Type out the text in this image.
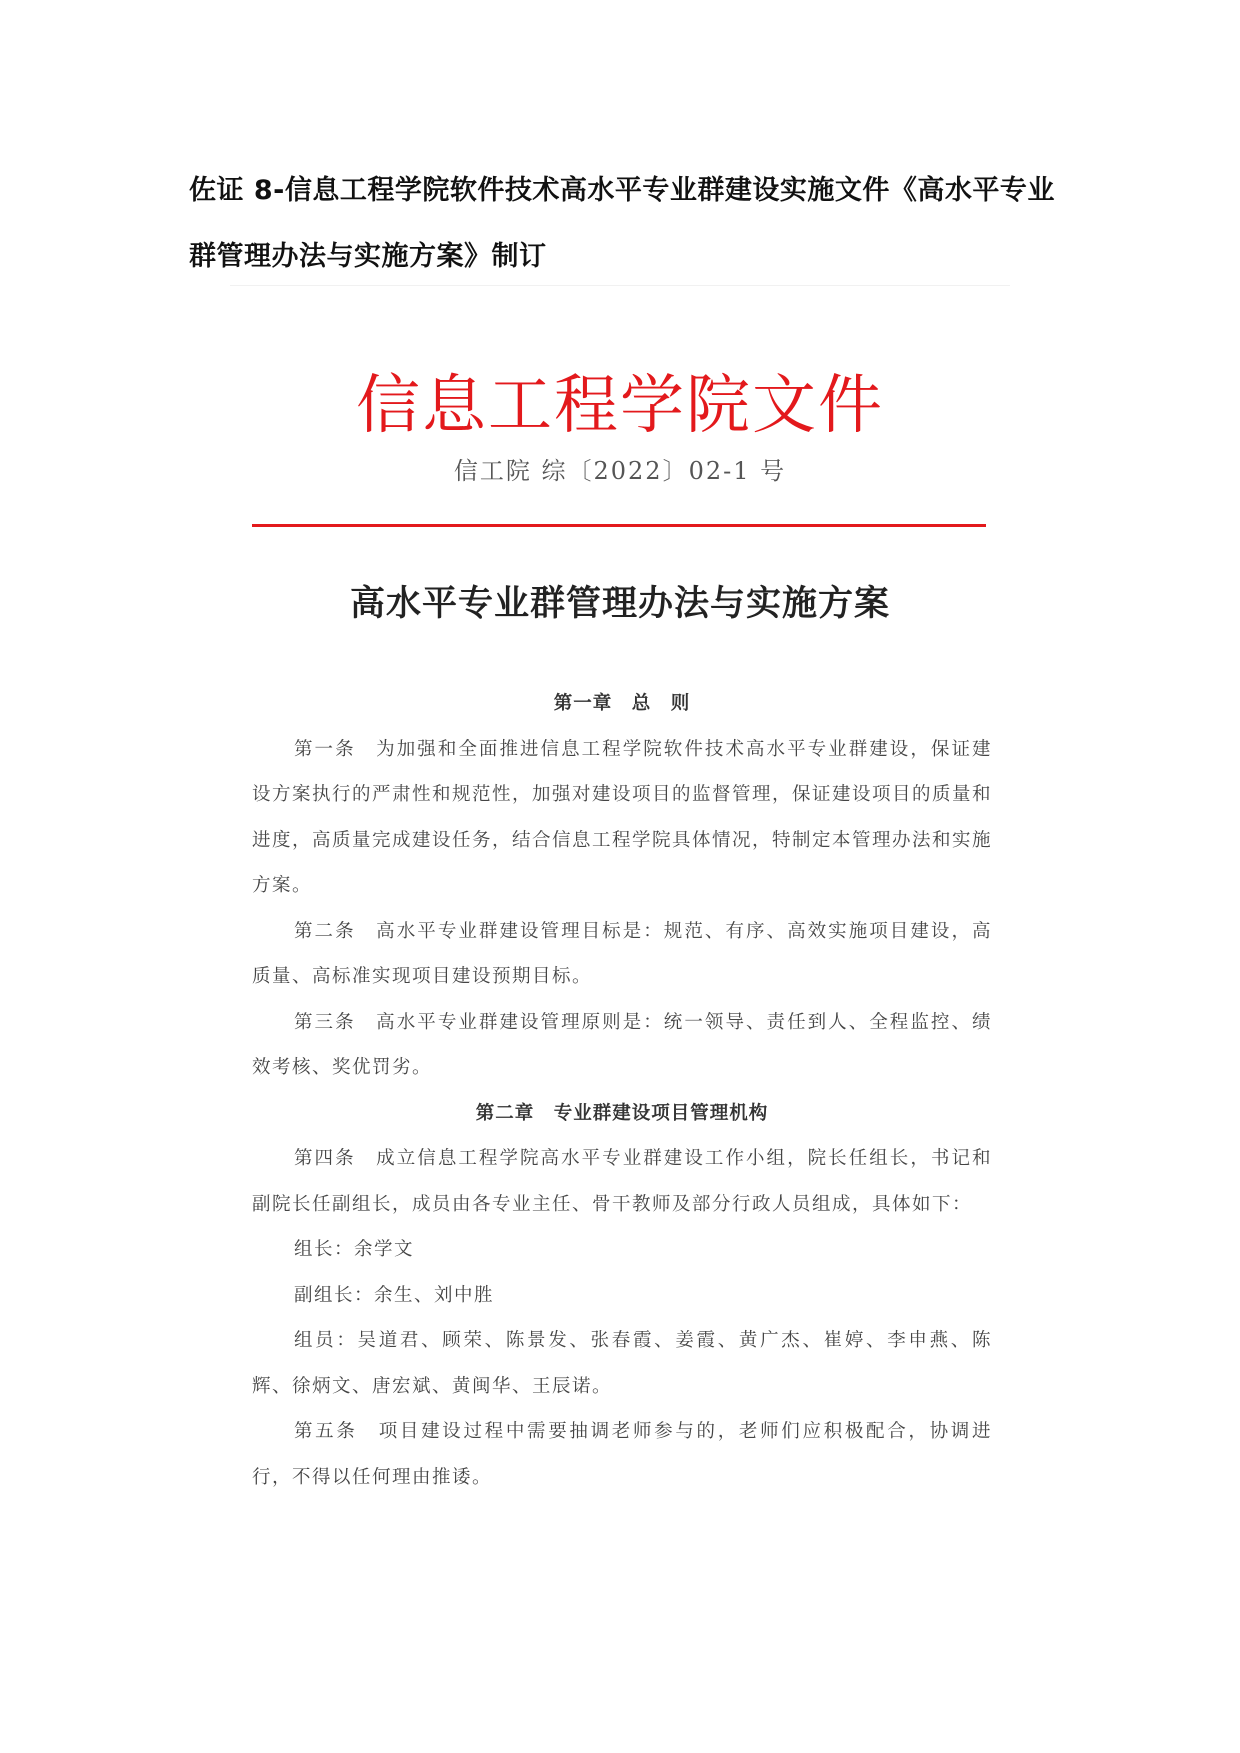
佐证 8-信息工程学院软件技术高水平专业群建设实施文件《高水平专业群管理办法与实施方案》制订
信息工程学院文件
信工院 综〔2022〕02-1 号
高水平专业群管理办法与实施方案

第一章　总　则

第一条　为加强和全面推进信息工程学院软件技术高水平专业群建设，保证建设方案执行的严肃性和规范性，加强对建设项目的监督管理，保证建设项目的质量和进度，高质量完成建设任务，结合信息工程学院具体情况，特制定本管理办法和实施方案。

第二条　高水平专业群建设管理目标是：规范、有序、高效实施项目建设，高质量、高标准实现项目建设预期目标。

第三条　高水平专业群建设管理原则是：统一领导、责任到人、全程监控、绩效考核、奖优罚劣。

第二章　专业群建设项目管理机构

第四条　成立信息工程学院高水平专业群建设工作小组，院长任组长，书记和副院长任副组长，成员由各专业主任、骨干教师及部分行政人员组成，具体如下：

组长：余学文

副组长：余生、刘中胜

组员：吴道君、顾荣、陈景发、张春霞、姜霞、黄广杰、崔婷、李申燕、陈辉、徐炳文、唐宏斌、黄闽华、王辰诺。

第五条　项目建设过程中需要抽调老师参与的，老师们应积极配合，协调进行，不得以任何理由推诿。
